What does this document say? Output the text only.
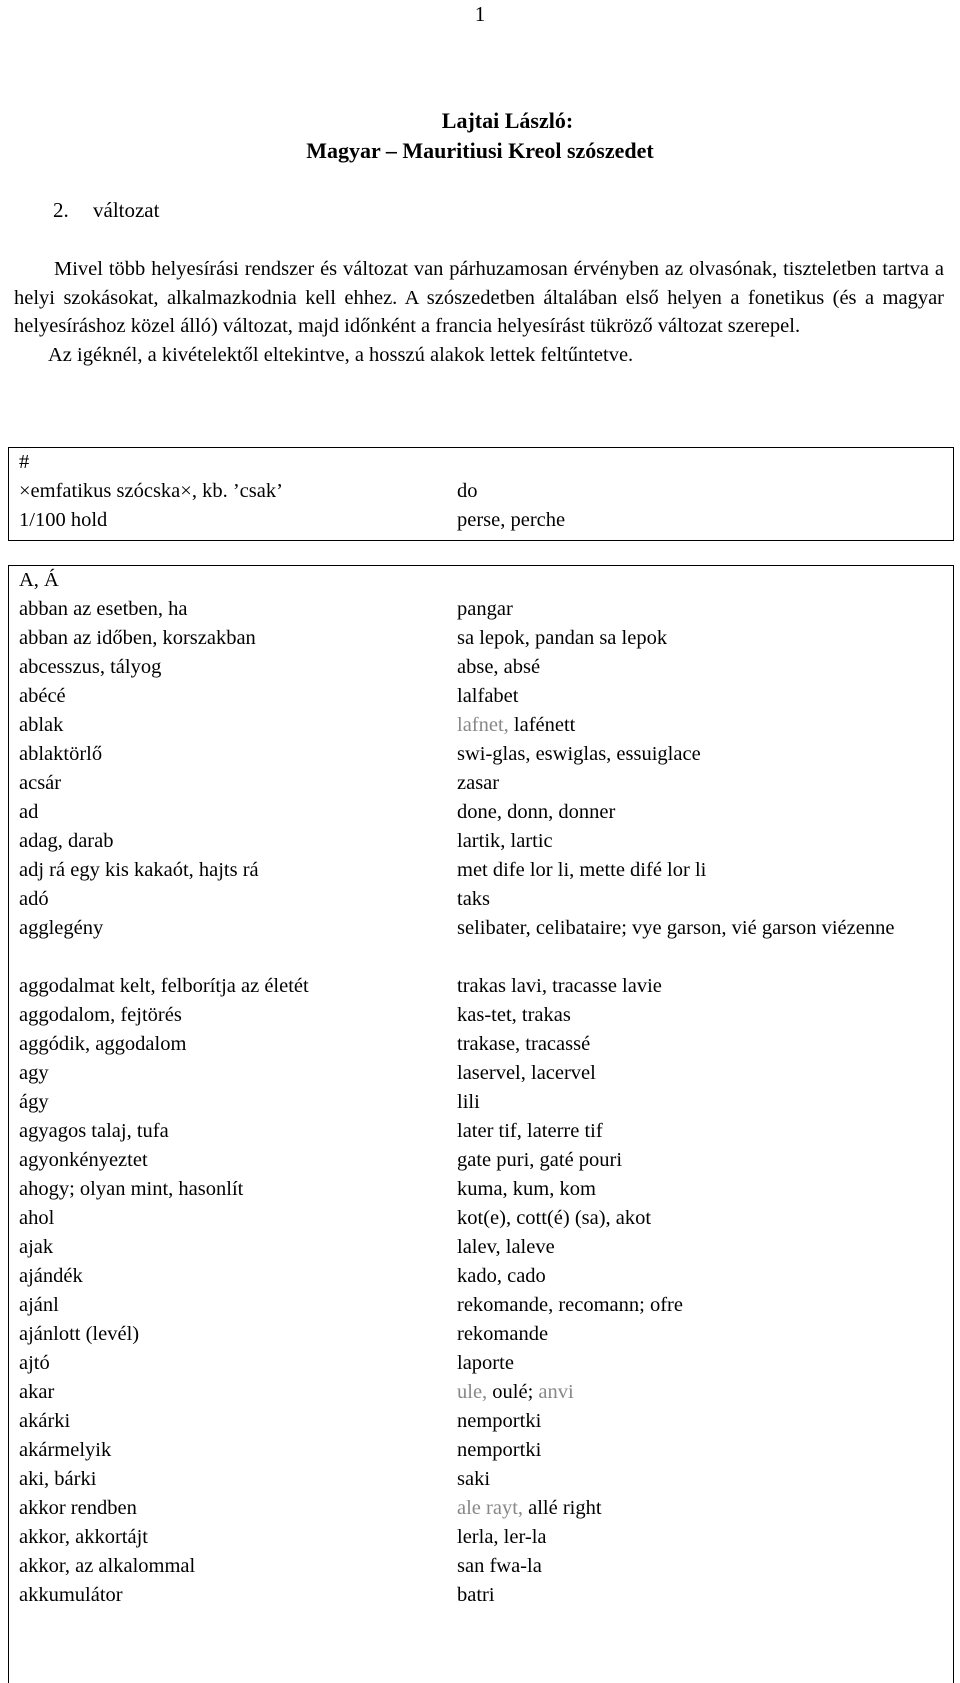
1
Lajtai László:
Magyar – Mauritiusi Kreol szószedet
2. változat

Mivel több helyesírási rendszer és változat van párhuzamosan érvényben az olvasónak, tiszteletben tartva a helyi szokásokat, alkalmazkodnia kell ehhez. A szószedetben általában első helyen a fonetikus (és a magyar helyesíráshoz közel álló) változat, majd időnként a francia helyesírást tükröző változat szerepel.

Az igéknél, a kivételektől eltekintve, a hosszú alakok lettek feltűntetve.

#
×emfatikus szócska×, kb. ’csak’	do
1/100 hold	perse, perche
A, Á
abban az esetben, ha	pangar
abban az időben, korszakban	sa lepok, pandan sa lepok
abcesszus, tályog	abse, absé
abécé	lalfabet
ablak	lafnet, lafénett
ablaktörlő	swi-glas, eswiglas, essuiglace
acsár	zasar
ad	done, donn, donner
adag, darab	lartik, lartic
adj rá egy kis kakaót, hajts rá	met dife lor li, mette difé lor li
adó	taks
agglegény	selibater, celibataire; vye garson, vié garson viézenne
aggodalmat kelt, felborítja az életét	trakas lavi, tracasse lavie
aggodalom, fejtörés	kas-tet, trakas
aggódik, aggodalom	trakase, tracassé
agy	laservel, lacervel
ágy	lili
agyagos talaj, tufa	later tif, laterre tif
agyonkényeztet	gate puri, gaté pouri
ahogy; olyan mint, hasonlít	kuma, kum, kom
ahol	kot(e), cott(é) (sa), akot
ajak	lalev, laleve
ajándék	kado, cado
ajánl	rekomande, recomann; ofre
ajánlott (levél)	rekomande
ajtó	laporte
akar	ule, oulé; anvi
akárki	nemportki
akármelyik	nemportki
aki, bárki	saki
akkor rendben	ale rayt, allé right
akkor, akkortájt	lerla, ler-la
akkor, az alkalommal	san fwa-la
akkumulátor	batri
